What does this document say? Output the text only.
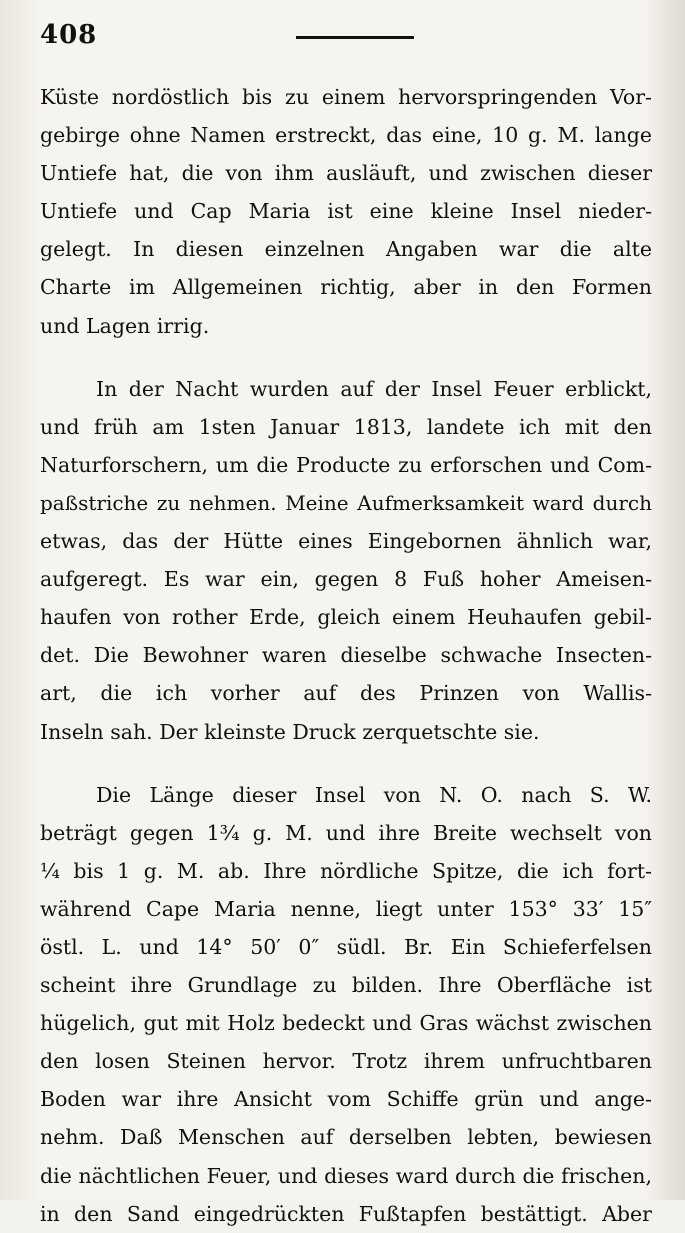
408
Küste nordöstlich bis zu einem hervorspringenden Vor-
gebirge ohne Namen erstreckt, das eine, 10 g. M. lange
Untiefe hat, die von ihm ausläuft, und zwischen dieser
Untiefe und Cap Maria ist eine kleine Insel nieder-
gelegt. In diesen einzelnen Angaben war die alte
Charte im Allgemeinen richtig, aber in den Formen
und Lagen irrig.
In der Nacht wurden auf der Insel Feuer erblickt,
und früh am 1sten Januar 1813, landete ich mit den
Naturforschern, um die Producte zu erforschen und Com-
paßstriche zu nehmen. Meine Aufmerksamkeit ward durch
etwas, das der Hütte eines Eingebornen ähnlich war,
aufgeregt. Es war ein, gegen 8 Fuß hoher Ameisen-
haufen von rother Erde, gleich einem Heuhaufen gebil-
det. Die Bewohner waren dieselbe schwache Insecten-
art, die ich vorher auf des Prinzen von Wallis-
Inseln sah. Der kleinste Druck zerquetschte sie.
Die Länge dieser Insel von N. O. nach S. W.
beträgt gegen 1¾ g. M. und ihre Breite wechselt von
¼ bis 1 g. M. ab. Ihre nördliche Spitze, die ich fort-
während Cape Maria nenne, liegt unter 153° 33′ 15″
östl. L. und 14° 50′ 0″ südl. Br. Ein Schieferfelsen
scheint ihre Grundlage zu bilden. Ihre Oberfläche ist
hügelich, gut mit Holz bedeckt und Gras wächst zwischen
den losen Steinen hervor. Trotz ihrem unfruchtbaren
Boden war ihre Ansicht vom Schiffe grün und ange-
nehm. Daß Menschen auf derselben lebten, bewiesen
die nächtlichen Feuer, und dieses ward durch die frischen,
in den Sand eingedrückten Fußtapfen bestättigt. Aber
